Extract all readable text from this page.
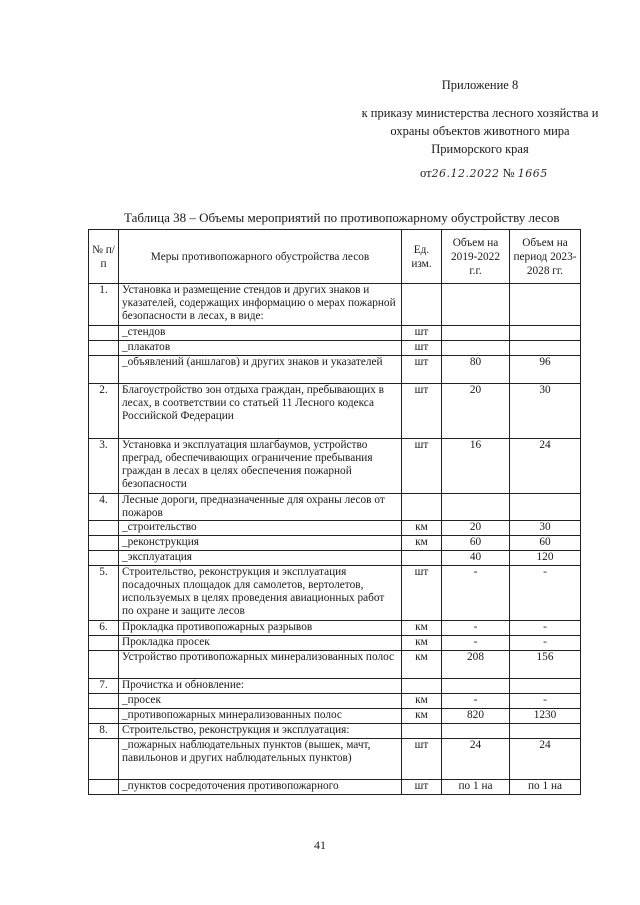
Приложение 8
к приказу министерства лесного хозяйства и
охраны объектов животного мира
Приморского края
от26.12.2022 № 1665
Таблица 38 – Объемы мероприятий по противопожарному обустройству лесов
№ п/п	Меры противопожарного обустройства лесов	Ед. изм.	Объем на 2019-2022 г.г.	Объем на период 2023-2028 гг.
1.	Установка и размещение стендов и других знаков и указателей, содержащих информацию о мерах пожарной безопасности в лесах, в виде:			
	_стендов	шт		
	_плакатов	шт		
	_объявлений (аншлагов) и других знаков и указателей	шт	80	96
2.	Благоустройство зон отдыха граждан, пребывающих в лесах, в соответствии со статьей 11 Лесного кодекса Российской Федерации	шт	20	30
3.	Установка и эксплуатация шлагбаумов, устройство преград, обеспечивающих ограничение пребывания граждан в лесах в целях обеспечения пожарной безопасности	шт	16	24
4.	Лесные дороги, предназначенные для охраны лесов от пожаров			
	_строительство	км	20	30
	_реконструкция	км	60	60
	_эксплуатация		40	120
5.	Строительство, реконструкция и эксплуатация посадочных площадок для самолетов, вертолетов, используемых в целях проведения авиационных работ по охране и защите лесов	шт	-	-
6.	Прокладка противопожарных разрывов	км	-	-
	Прокладка просек	км	-	-
	Устройство противопожарных минерализованных полос	км	208	156
7.	Прочистка и обновление:			
	_просек	км	-	-
	_противопожарных минерализованных полос	км	820	1230
8.	Строительство, реконструкция и эксплуатация:			
	_пожарных наблюдательных пунктов (вышек, мачт, павильонов и других наблюдательных пунктов)	шт	24	24
	_пунктов сосредоточения противопожарного	шт	по 1 на	по 1 на
41
